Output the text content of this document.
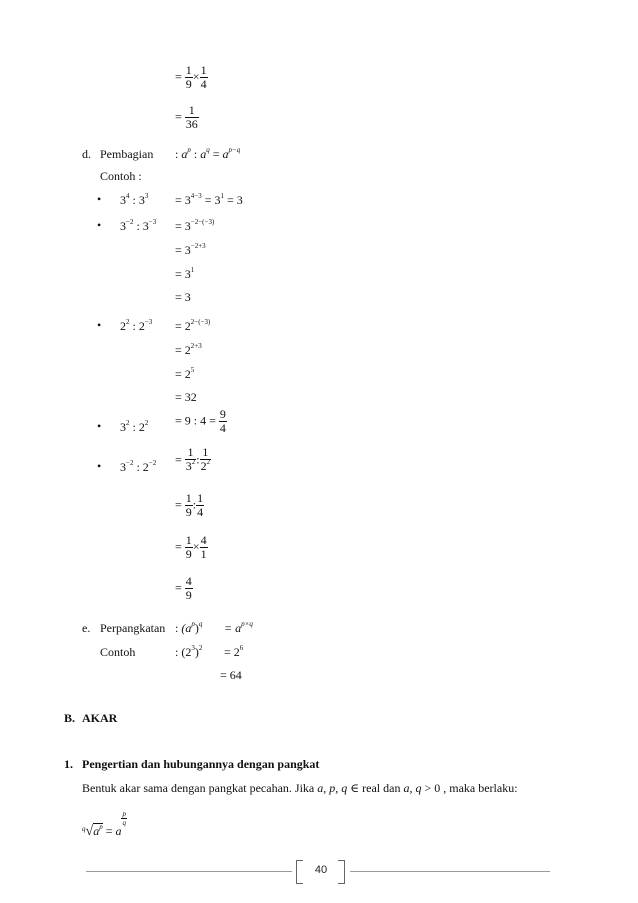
= $\frac{1}{9} \times \frac{1}{4}$
= $\frac{1}{36}$
d. Pembagian : $a^p$ : $a^q = a^{p-q}$
Contoh :
• $3^4$ : $3^3 = 3^{4-3} = 3^1 = 3$
• $3^{-2}$ : $3^{-3} = 3^{-2-(-3)}$
= $3^{-2+3}$
= $3^1$
= 3
• $2^2$ : $2^{-3} = 2^{2-(-3)}$
= $2^{2+3}$
= $2^5$
= 32
• $3^2$ : $2^2 = 9$ : $4 = \frac{9}{4}$
• $3^{-2}$ : $2^{-2} = \frac{1}{3^2}$ : $\frac{1}{2^2}$
= $\frac{1}{9}$ : $\frac{1}{4}$
= $\frac{1}{9} \times \frac{4}{1}$
= $\frac{4}{9}$
e. Perpangkatan : $(a^p)^q = a^{p\times q}$
Contoh	: $(2^3)^2 = 2^6$
= 64
B. AKAR
1. Pengertian dan hubungannya dengan pangkat
Bentuk akar sama dengan pangkat pecahan. Jika a, p, q ∈ real dan a, q > 0 , maka berlaku:
$^q√a^p = a$
$\frac{p}{q}$
40
